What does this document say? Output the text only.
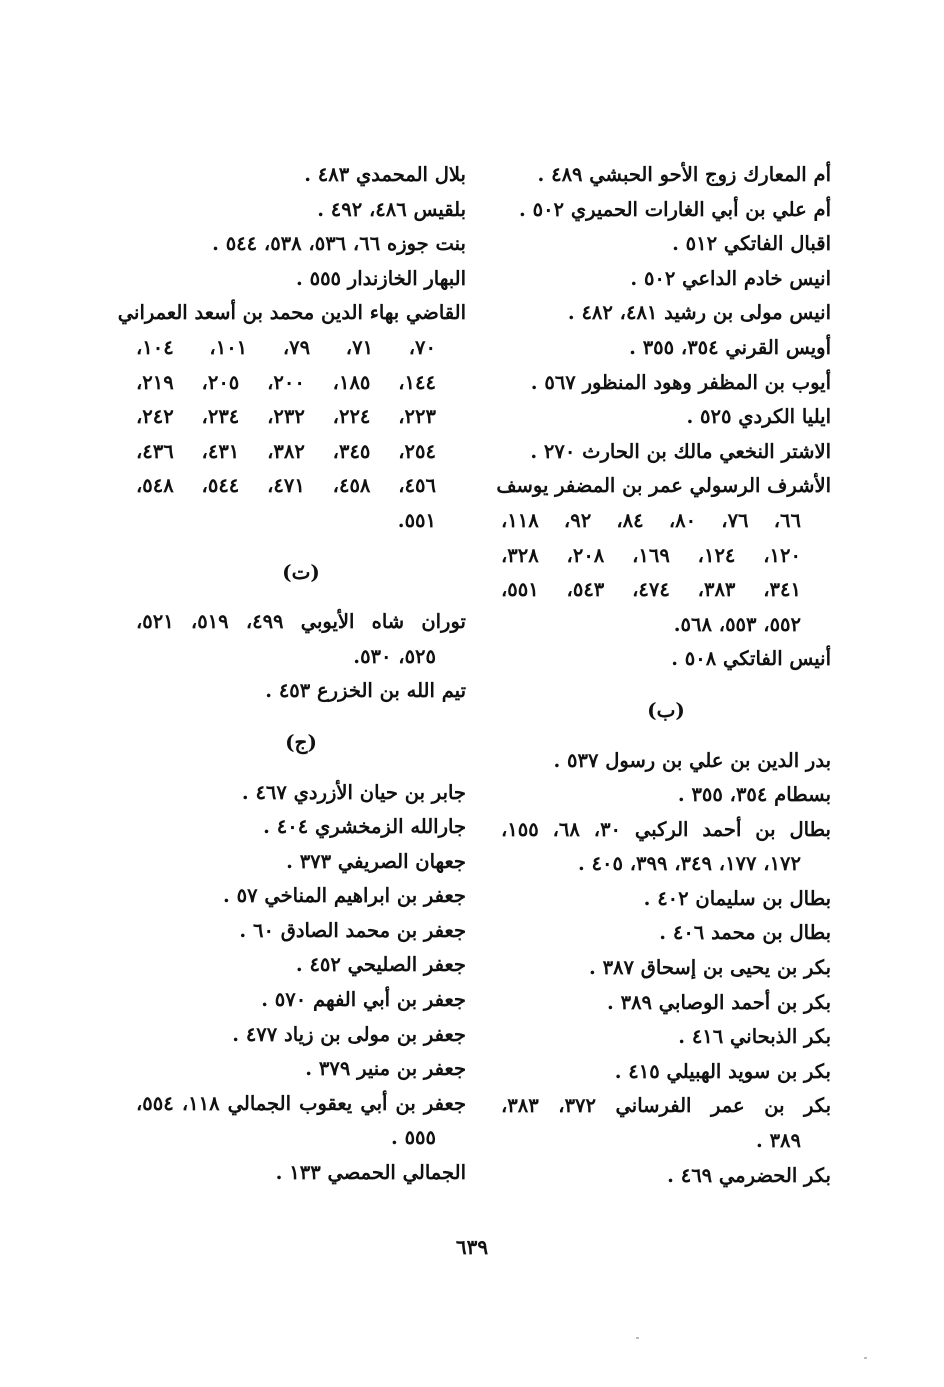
أم المعارك زوج الأحو الحبشي ٤٨٩ .
أم علي بن أبي الغارات الحميري ٥٠٢ .
اقبال الفاتكي ٥١٢ .
انيس خادم الداعي ٥٠٢ .
انيس مولى بن رشيد ٤٨١، ٤٨٢ .
أويس القرني ٣٥٤، ٣٥٥ .
أيوب بن المظفر وهود المنظور ٥٦٧ .
ايليا الكردي ٥٢٥ .
الاشتر النخعي مالك بن الحارث ٢٧٠ .
الأشرف الرسولي عمر بن المضفر يوسف
٦٦، ٧٦، ٨٠، ٨٤، ٩٢، ١١٨،
١٢٠، ١٢٤، ١٦٩، ٢٠٨، ٣٢٨،
٣٤١، ٣٨٣، ٤٧٤، ٥٤٣، ٥٥١،
٥٥٢، ٥٥٣، ٥٦٨.
أنيس الفاتكي ٥٠٨ .
(ب)
بدر الدين بن علي بن رسول ٥٣٧ .
بسطام ٣٥٤، ٣٥٥ .
بطال بن أحمد الركبي ٣٠، ٦٨، ١٥٥،
١٧٢، ١٧٧، ٣٤٩، ٣٩٩، ٤٠٥ .
بطال بن سليمان ٤٠٢ .
بطال بن محمد ٤٠٦ .
بكر بن يحيى بن إسحاق ٣٨٧ .
بكر بن أحمد الوصابي ٣٨٩ .
بكر الذبحاني ٤١٦ .
بكر بن سويد الهبيلي ٤١٥ .
بكر بن عمر الفرساني ٣٧٢، ٣٨٣،
٣٨٩ .
بكر الحضرمي ٤٦٩ .
بلال المحمدي ٤٨٣ .
بلقيس ٤٨٦، ٤٩٢ .
بنت جوزه ٦٦، ٥٣٦، ٥٣٨، ٥٤٤ .
البهار الخازندار ٥٥٥ .
القاضي بهاء الدين محمد بن أسعد العمراني
٧٠، ٧١، ٧٩، ١٠١، ١٠٤،
١٤٤، ١٨٥، ٢٠٠، ٢٠٥، ٢١٩،
٢٢٣، ٢٢٤، ٢٣٢، ٢٣٤، ٢٤٢،
٢٥٤، ٣٤٥، ٣٨٢، ٤٣١، ٤٣٦،
٤٥٦، ٤٥٨، ٤٧١، ٥٤٤، ٥٤٨،
٥٥١.
(ت)
توران شاه الأيوبي ٤٩٩، ٥١٩، ٥٢١،
٥٢٥، ٥٣٠.
تيم الله بن الخزرع ٤٥٣ .
(ج)
جابر بن حيان الأزردي ٤٦٧ .
جارالله الزمخشري ٤٠٤ .
جعهان الصريفي ٣٧٣ .
جعفر بن ابراهيم المناخي ٥٧ .
جعفر بن محمد الصادق ٦٠ .
جعفر الصليحي ٤٥٢ .
جعفر بن أبي الفهم ٥٧٠ .
جعفر بن مولى بن زياد ٤٧٧ .
جعفر بن منير ٣٧٩ .
جعفر بن أبي يعقوب الجمالي ١١٨، ٥٥٤،
٥٥٥ .
الجمالي الحمصي ١٣٣ .
٦٣٩
